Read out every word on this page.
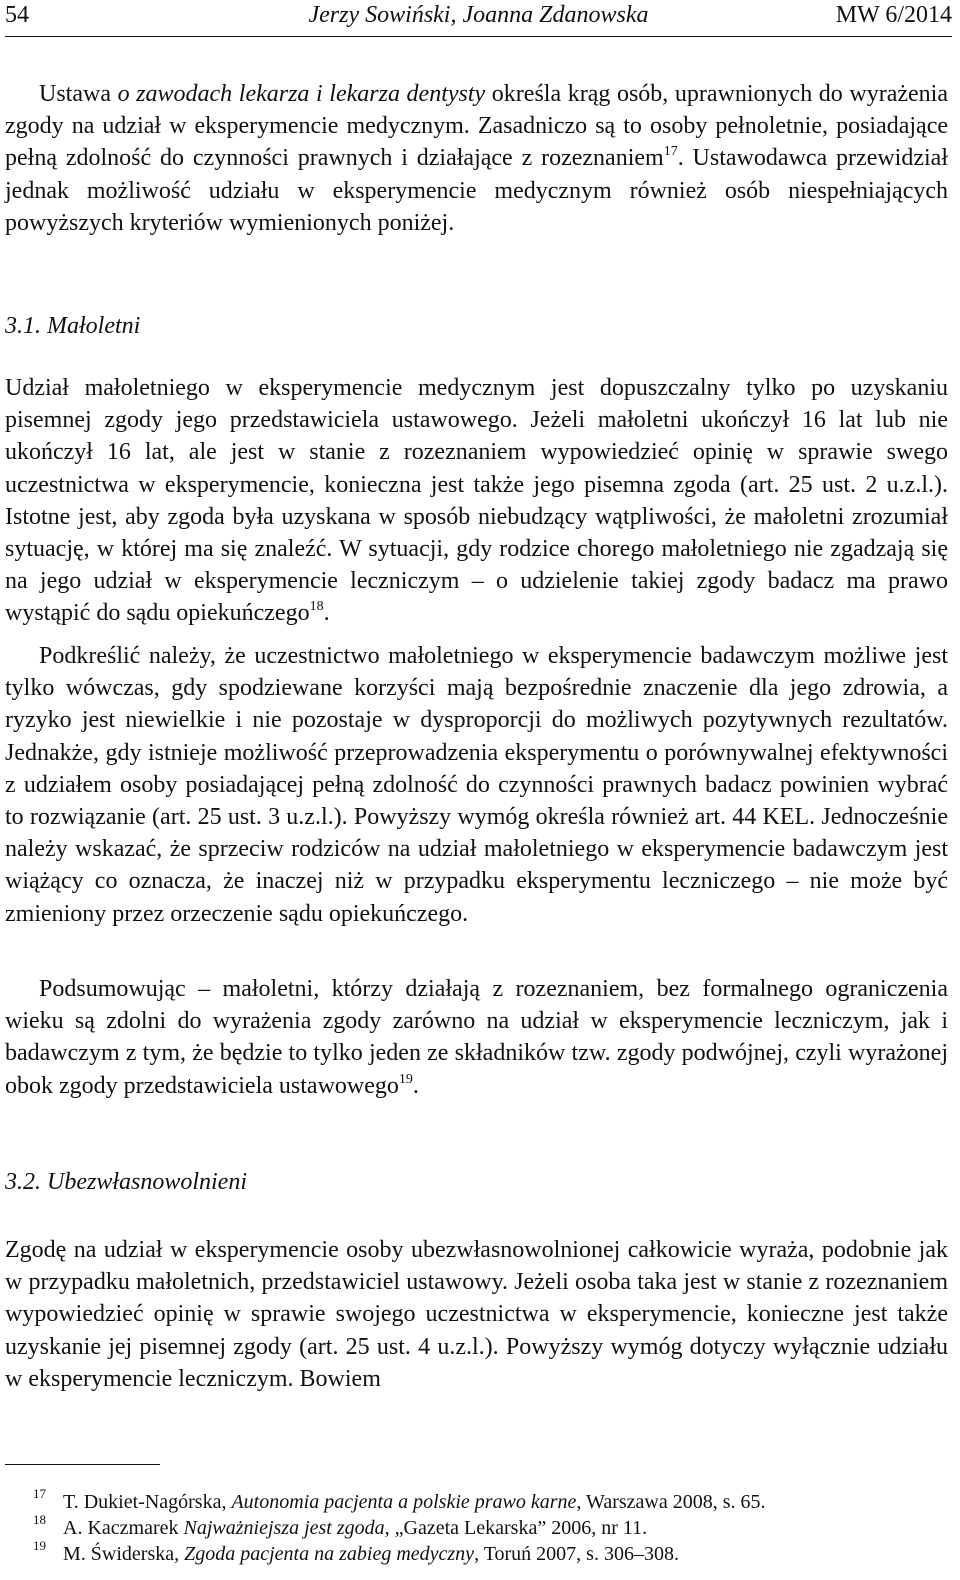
54	Jerzy Sowiński, Joanna Zdanowska	MW 6/2014

Ustawa o zawodach lekarza i lekarza dentysty określa krąg osób, uprawnionych do wyrażenia zgody na udział w eksperymencie medycznym. Zasadniczo są to osoby pełnoletnie, posiadające pełną zdolność do czynności prawnych i działające z rozeznaniem$^{17}$. Ustawodawca przewidział jednak możliwość udziału w eksperymencie medycznym również osób niespełniających powyższych kryteriów wymienionych poniżej.

3.1. Małoletni

Udział małoletniego w eksperymencie medycznym jest dopuszczalny tylko po uzyskaniu pisemnej zgody jego przedstawiciela ustawowego. Jeżeli małoletni ukończył 16 lat lub nie ukończył 16 lat, ale jest w stanie z rozeznaniem wypowiedzieć opinię w sprawie swego uczestnictwa w eksperymencie, konieczna jest także jego pisemna zgoda (art. 25 ust. 2 u.z.l.). Istotne jest, aby zgoda była uzyskana w sposób niebudzący wątpliwości, że małoletni zrozumiał sytuację, w której ma się znaleźć. W sytuacji, gdy rodzice chorego małoletniego nie zgadzają się na jego udział w eksperymencie leczniczym – o udzielenie takiej zgody badacz ma prawo wystąpić do sądu opiekuńczego$^{18}$.

Podkreślić należy, że uczestnictwo małoletniego w eksperymencie badawczym możliwe jest tylko wówczas, gdy spodziewane korzyści mają bezpośrednie znaczenie dla jego zdrowia, a ryzyko jest niewielkie i nie pozostaje w dysproporcji do możliwych pozytywnych rezultatów. Jednakże, gdy istnieje możliwość przeprowadzenia eksperymentu o porównywalnej efektywności z udziałem osoby posiadającej pełną zdolność do czynności prawnych badacz powinien wybrać to rozwiązanie (art. 25 ust. 3 u.z.l.). Powyższy wymóg określa również art. 44 KEL. Jednocześnie należy wskazać, że sprzeciw rodziców na udział małoletniego w eksperymencie badawczym jest wiążący co oznacza, że inaczej niż w przypadku eksperymentu leczniczego – nie może być zmieniony przez orzeczenie sądu opiekuńczego.

Podsumowując – małoletni, którzy działają z rozeznaniem, bez formalnego ograniczenia wieku są zdolni do wyrażenia zgody zarówno na udział w eksperymencie leczniczym, jak i badawczym z tym, że będzie to tylko jeden ze składników tzw. zgody podwójnej, czyli wyrażonej obok zgody przedstawiciela ustawowego$^{19}$.

3.2. Ubezwłasnowolnieni

Zgodę na udział w eksperymencie osoby ubezwłasnowolnionej całkowicie wyraża, podobnie jak w przypadku małoletnich, przedstawiciel ustawowy. Jeżeli osoba taka jest w stanie z rozeznaniem wypowiedzieć opinię w sprawie swojego uczestnictwa w eksperymencie, konieczne jest także uzyskanie jej pisemnej zgody (art. 25 ust. 4 u.z.l.). Powyższy wymóg dotyczy wyłącznie udziału w eksperymencie leczniczym. Bowiem

17 T. Dukiet-Nagórska, Autonomia pacjenta a polskie prawo karne, Warszawa 2008, s. 65.

18 A. Kaczmarek Najważniejsza jest zgoda, „Gazeta Lekarska” 2006, nr 11.

19 M. Świderska, Zgoda pacjenta na zabieg medyczny, Toruń 2007, s. 306–308.
